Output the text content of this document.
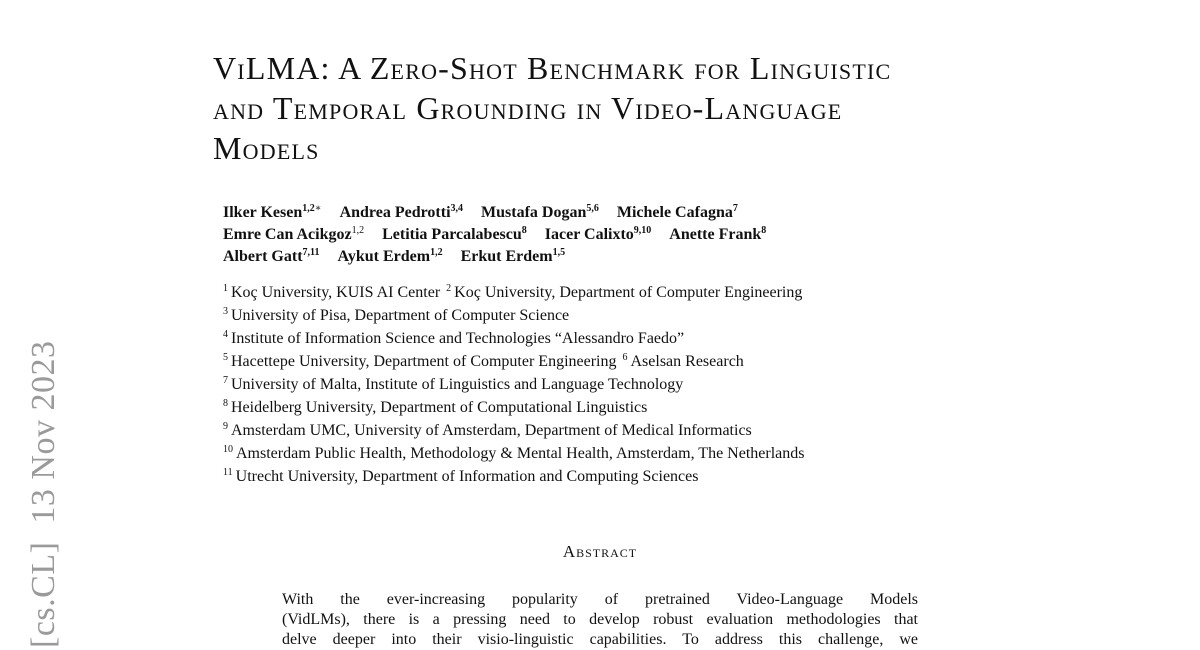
[cs.CL]13 Nov 2023
ViLMA: A Zero-Shot Benchmark for Linguistic
and Temporal Grounding in Video-Language
Models
Ilker Kesen$^{1,2∗}$ Andrea Pedrotti$^{3,4}$ Mustafa Dogan$^{5,6}$ Michele Cafagna$^7$
Emre Can Acikgoz$^{1,2}$ Letitia Parcalabescu$^8$ Iacer Calixto$^{9,10}$ Anette Frank$^8$
Albert Gatt$^{7,11}$ Aykut Erdem$^{1,2}$ Erkut Erdem$^{1,5}$
$^1$ Koç University, KUIS AI Center $^2$ Koç University, Department of Computer Engineering
$^3$ University of Pisa, Department of Computer Science
$^4$ Institute of Information Science and Technologies “Alessandro Faedo”
$^5$ Hacettepe University, Department of Computer Engineering $^6$ Aselsan Research
$^7$ University of Malta, Institute of Linguistics and Language Technology
$^8$ Heidelberg University, Department of Computational Linguistics
$^9$ Amsterdam UMC, University of Amsterdam, Department of Medical Informatics
$^{10}$ Amsterdam Public Health, Methodology & Mental Health, Amsterdam, The Netherlands
$^{11}$ Utrecht University, Department of Information and Computing Sciences
Abstract
With the ever-increasing popularity of pretrained Video-Language Models
(VidLMs), there is a pressing need to develop robust evaluation methodologies that
delve deeper into their visio-linguistic capabilities. To address this challenge, we
